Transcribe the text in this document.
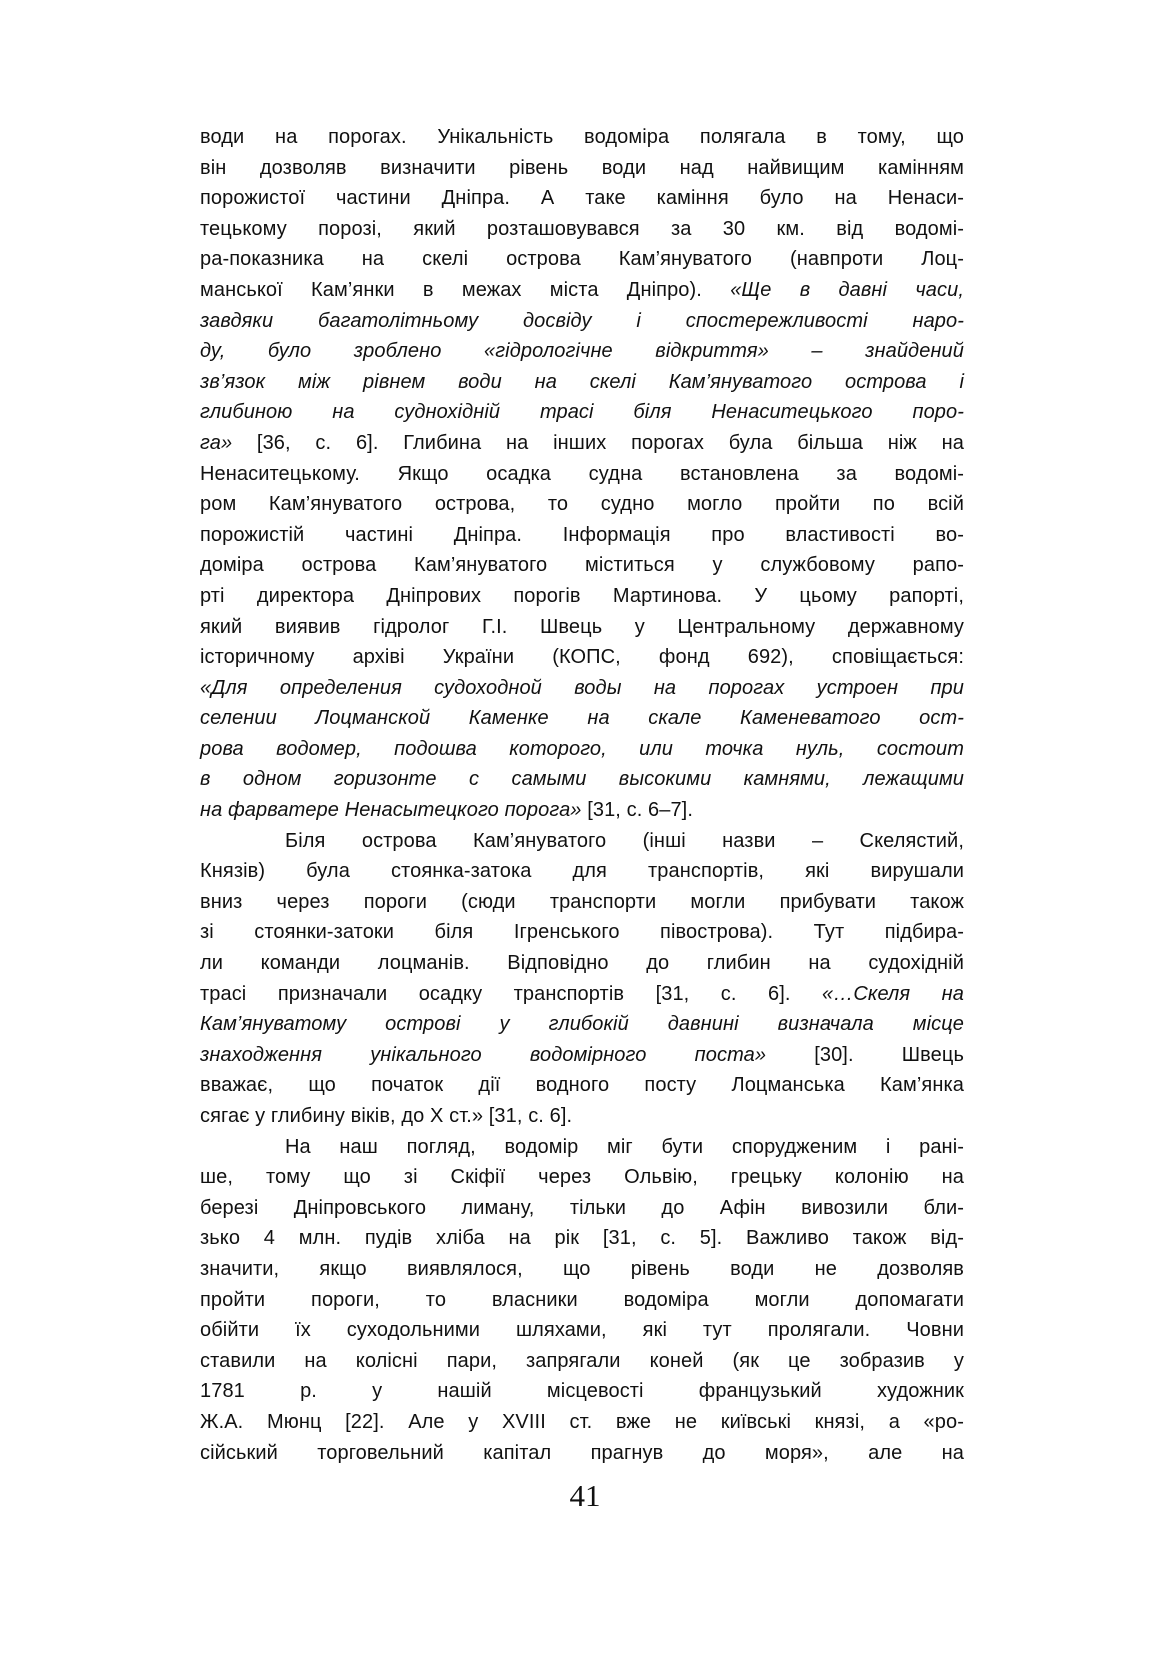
води на порогах. Унікальність водоміра полягала в тому, що
він дозволяв визначити рівень води над найвищим камінням
порожистої частини Дніпра. А таке каміння було на Ненаси-
тецькому порозі, який розташовувався за 30 км. від водомі-
ра-показника на скелі острова Кам’януватого (навпроти Лоц-
манської Кам’янки в межах міста Дніпро). «Ще в давні часи,
завдяки багатолітньому досвіду і спостережливості наро-
ду, було зроблено «гідрологічне відкриття» – знайдений
зв’язок між рівнем води на скелі Кам’януватого острова і
глибиною на суднохідній трасі біля Ненаситецького поро-
га» [36, с. 6]. Глибина на інших порогах була більша ніж на
Ненаситецькому. Якщо осадка судна встановлена за водомі-
ром Кам’януватого острова, то судно могло пройти по всій
порожистій частині Дніпра. Інформація про властивості во-
доміра острова Кам’януватого міститься у службовому рапо-
рті директора Дніпрових порогів Мартинова. У цьому рапорті,
який виявив гідролог Г.І. Швець у Центральному державному
історичному архіві України (КОПС, фонд 692), сповіщається:
«Для определения судоходной воды на порогах устроен при
селении Лоцманской Каменке на скале Каменеватого ост-
рова водомер, подошва которого, или точка нуль, состоит
в одном горизонте с самыми высокими камнями, лежащими
на фарватере Ненасытецкого порога» [31, с. 6–7].
Біля острова Кам’януватого (інші назви – Скелястий,
Князів) була стоянка-затока для транспортів, які вирушали
вниз через пороги (сюди транспорти могли прибувати також
зі стоянки-затоки біля Ігренського півострова). Тут підбира-
ли команди лоцманів. Відповідно до глибин на судохідній
трасі призначали осадку транспортів [31, с. 6]. «…Скеля на
Кам’януватому острові у глибокій давнині визначала місце
знаходження унікального водомірного поста» [30]. Швець
вважає, що початок дії водного посту Лоцманська Кам’янка
сягає у глибину віків, до X ст.» [31, с. 6].
На наш погляд, водомір міг бути спорудженим і рані-
ше, тому що зі Скіфії через Ольвію, грецьку колонію на
березі Дніпровського лиману, тільки до Афін вивозили бли-
зько 4 млн. пудів хліба на рік [31, с. 5]. Важливо також від-
значити, якщо виявлялося, що рівень води не дозволяв
пройти пороги, то власники водоміра могли допомагати
обійти їх суходольними шляхами, які тут пролягали. Човни
ставили на колісні пари, запрягали коней (як це зобразив у
1781 р. у нашій місцевості французький художник
Ж.А. Мюнц [22]. Але у XVIII ст. вже не київські князі, а «ро-
сійський торговельний капітал прагнув до моря», але на
41
